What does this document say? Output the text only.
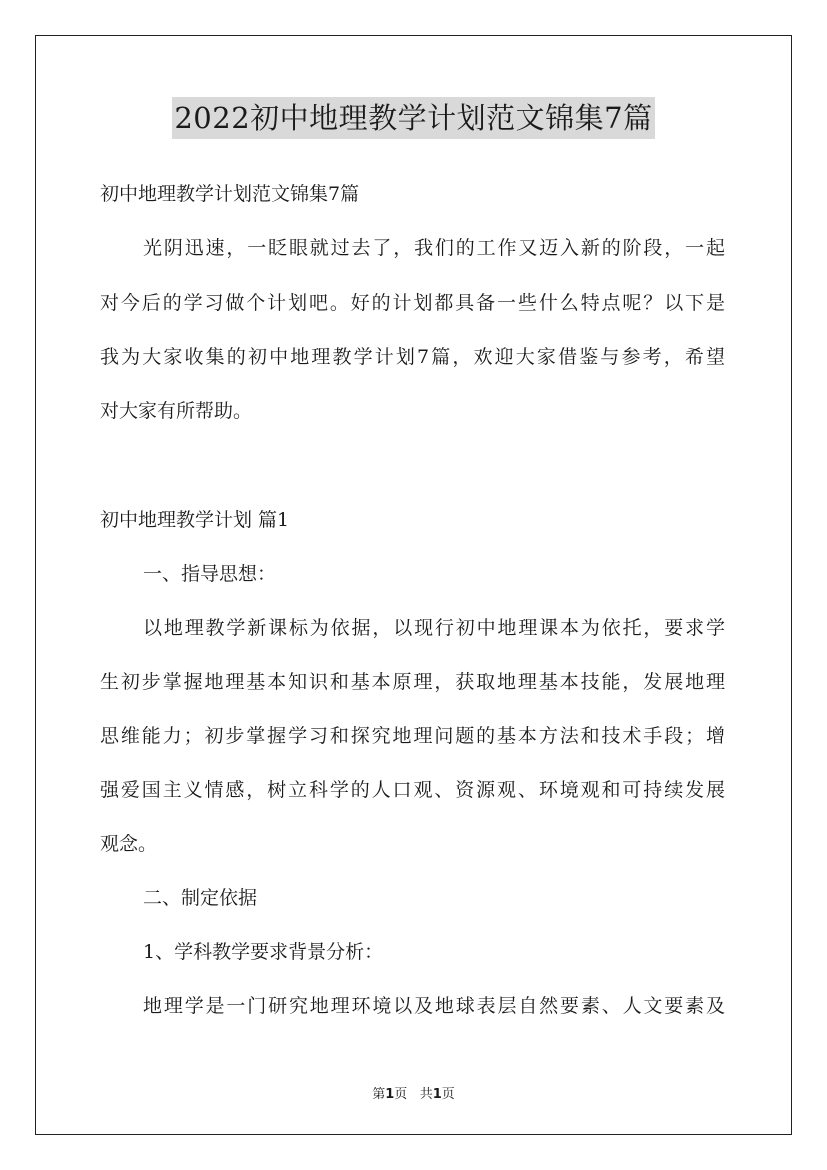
2022初中地理教学计划范文锦集7篇
初中地理教学计划范文锦集7篇
光阴迅速，一眨眼就过去了，我们的工作又迈入新的阶段，一起
对今后的学习做个计划吧。好的计划都具备一些什么特点呢？以下是
我为大家收集的初中地理教学计划7篇，欢迎大家借鉴与参考，希望
对大家有所帮助。
初中地理教学计划 篇1
一、指导思想：
以地理教学新课标为依据，以现行初中地理课本为依托，要求学
生初步掌握地理基本知识和基本原理，获取地理基本技能，发展地理
思维能力；初步掌握学习和探究地理问题的基本方法和技术手段；增
强爱国主义情感，树立科学的人口观、资源观、环境观和可持续发展
观念。
二、制定依据
1、学科教学要求背景分析：
地理学是一门研究地理环境以及地球表层自然要素、人文要素及
第1页 共1页
